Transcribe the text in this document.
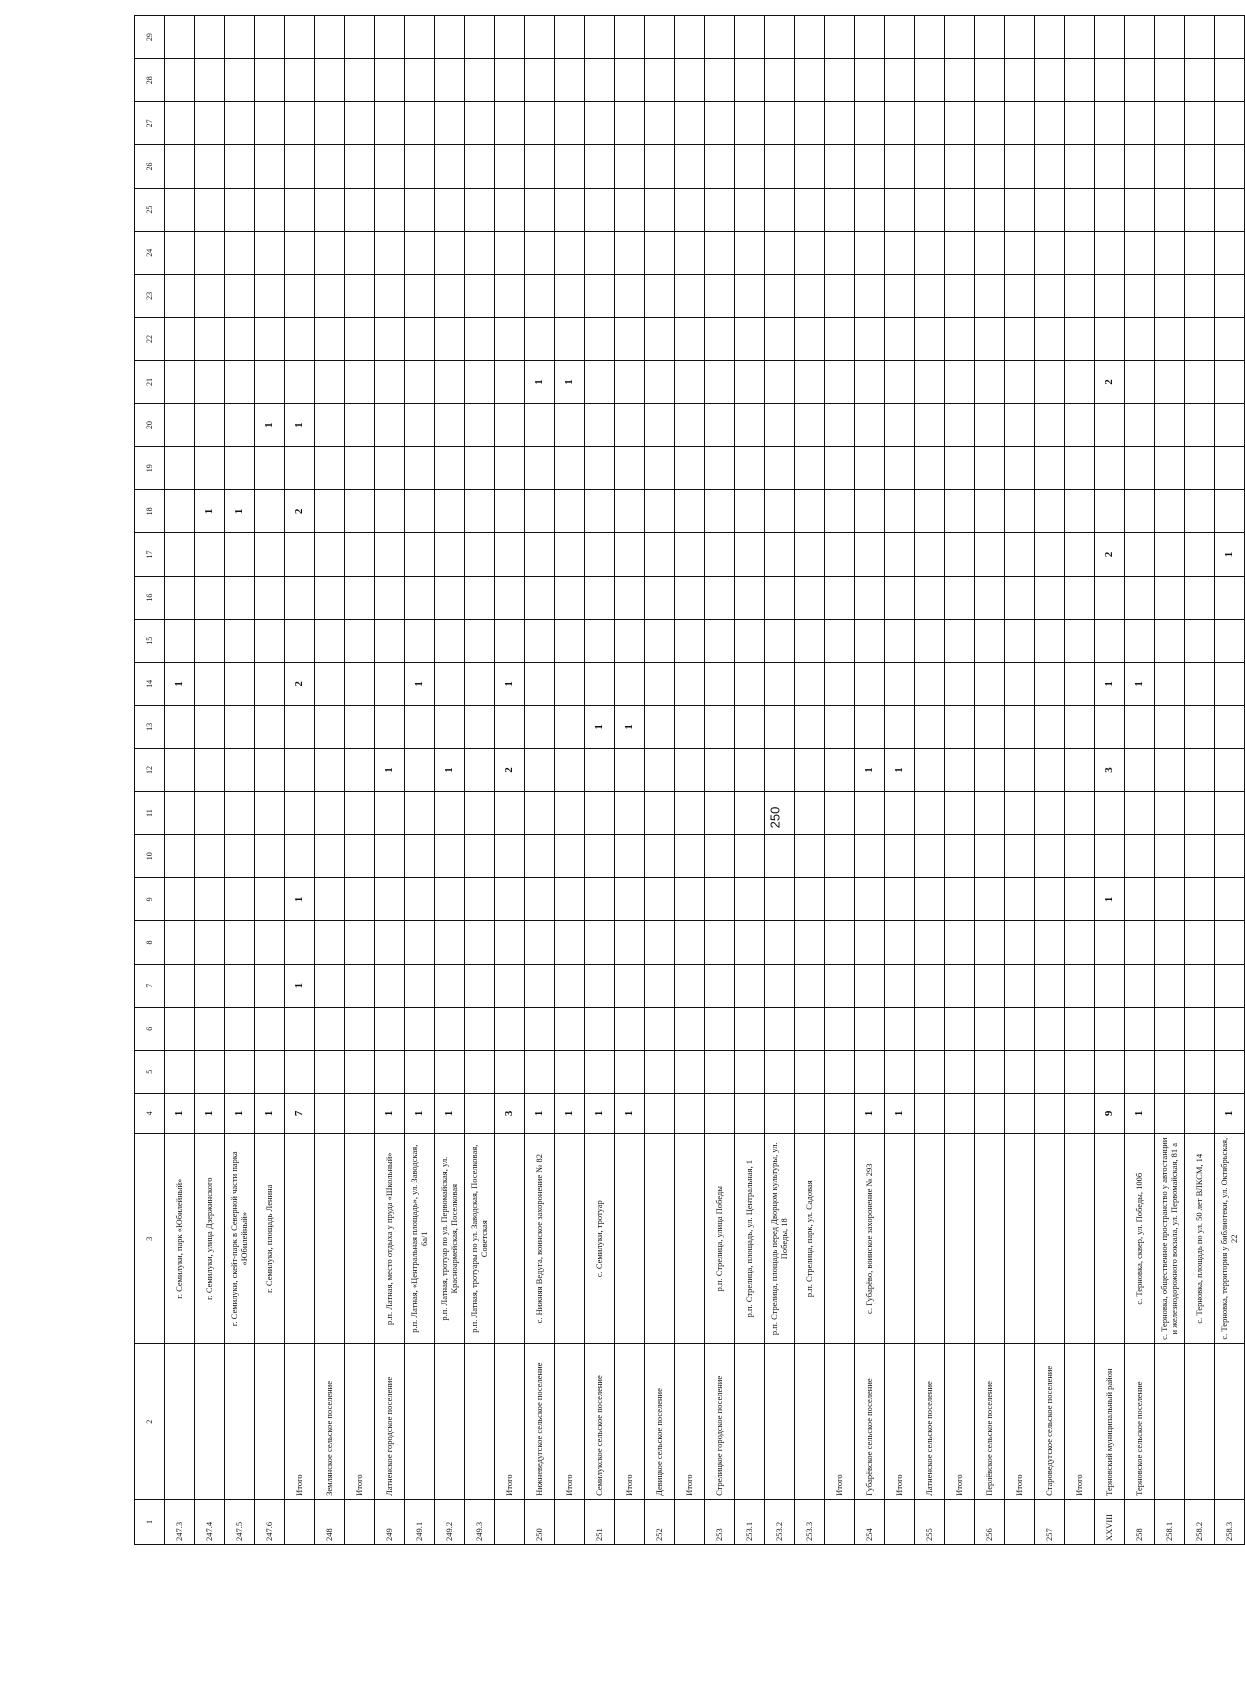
250
1	2	3	4	5	6	7	8	9	10	11	12	13	14	15	16	17	18	19	20	21	22	23	24	25	26	27	28	29
247.3		г. Семилуки, парк «Юбилейный»	1										1															
247.4		г. Семилуки, улица Дзержинского	1														1											
247.5		г. Семилуки, скейт-парк в Северной части парка «Юбилейный»	1														1											
247.6		г. Семилуки, площадь Ленина	1																1									
	Итого		7			1		1					2				2		1									
248	Землянское сельское поселение																											
	Итого																											
249	Латненское городское поселение	р.п. Латная, место отдыха у пруда «Школьный»	1								1																	
249.1		р.п. Латная, «Центральная площадь», ул. Заводская, 6а/1	1										1															
249.2		р.п. Латная, тротуар по ул. Первомайская, ул. Красноармейская, Поселковая	1								1																	
249.3		р.п. Латная, тротуары по ул. Заводская, Поселковая, Советская																										
	Итого		3								2		1															
250	Нижневедугское сельское поселение	с. Нижняя Ведуга, воинское захоронение № 82	1																	1								
	Итого		1																	1								
251	Семилукское сельское поселение	с. Семилуки, тротуар	1									1																
	Итого		1									1																
252	Девицкое сельское поселение																											
	Итого																											
253	Стрелицкое городское поселение	р.п. Стрелица, улица Победы																										
253.1		р.п. Стрелица, площадь, ул. Центральная, 1																										
253.2		р.п. Стрелица, площадь перед Дворцом культуры, ул. Победы, 18																										
253.3		р.п. Стрелица, парк, ул. Садовая																										
	Итого																											
254	Губарёвское сельское поселение	с. Губарёво, воинское захоронение № 293	1								1																	
	Итого		1								1																	
255	Латненское сельское поселение																											
	Итого																											
256	Перлёвское сельское поселение																											
	Итого																											
257	Староведугское сельское поселение																											
	Итого																											
XXVIII	Терновский муниципальный район		9					1			3		1			2				2								
258	Терновское сельское поселение	с. Терновка, сквер, ул. Победы, 100б	1										1															
258.1		с. Терновка, общественное пространство у автостанции и железнодорожного вокзала, ул. Первомайская, 81 а																										
258.2		с. Терновка, площадь по ул. 50 лет ВЛКСМ, 14																										
258.3		с. Терновка, территория у библиотеки, ул. Октябрьская, 22	1													1												
